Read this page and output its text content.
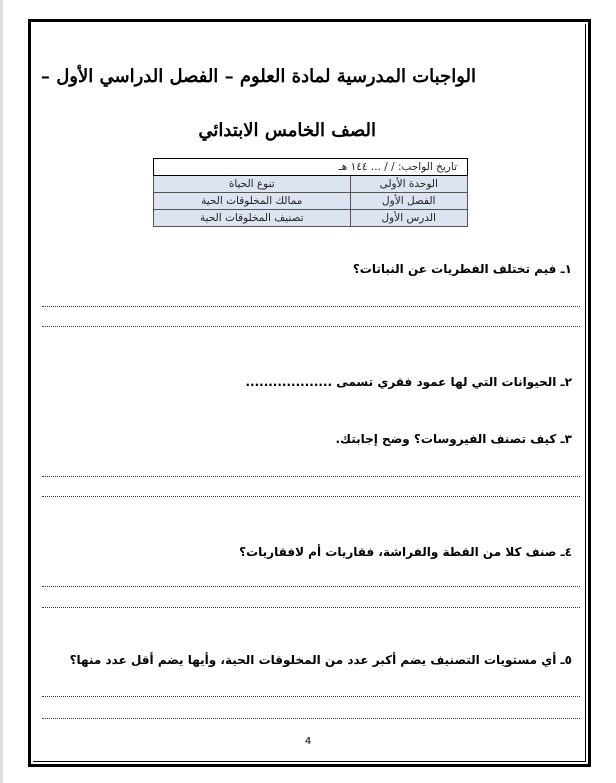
الواجبات المدرسية لمادة العلوم – الفصل الدراسي الأول –
الصف الخامس الابتدائي
تاريخ الواجب: / / ... ١٤٤ هـ	
الوحدة الأولى	تنوع الحياة
الفصل الأول	ممالك المخلوقات الحية
الدرس الأول	تصنيف المخلوقات الحية
١ـ فيم تختلف الفطريات عن النباتات؟
٢ـ الحيوانات التي لها عمود فقري تسمى ...................
٣ـ كيف تصنف الفيروسات؟ وضح إجابتك.
٤ـ صنف كلا من القطة والفراشة، فقاريات أم لافقاريات؟
٥ـ أي مستويات التصنيف يضم أكبر عدد من المخلوقات الحية، وأيها يضم أقل عدد منها؟
4
